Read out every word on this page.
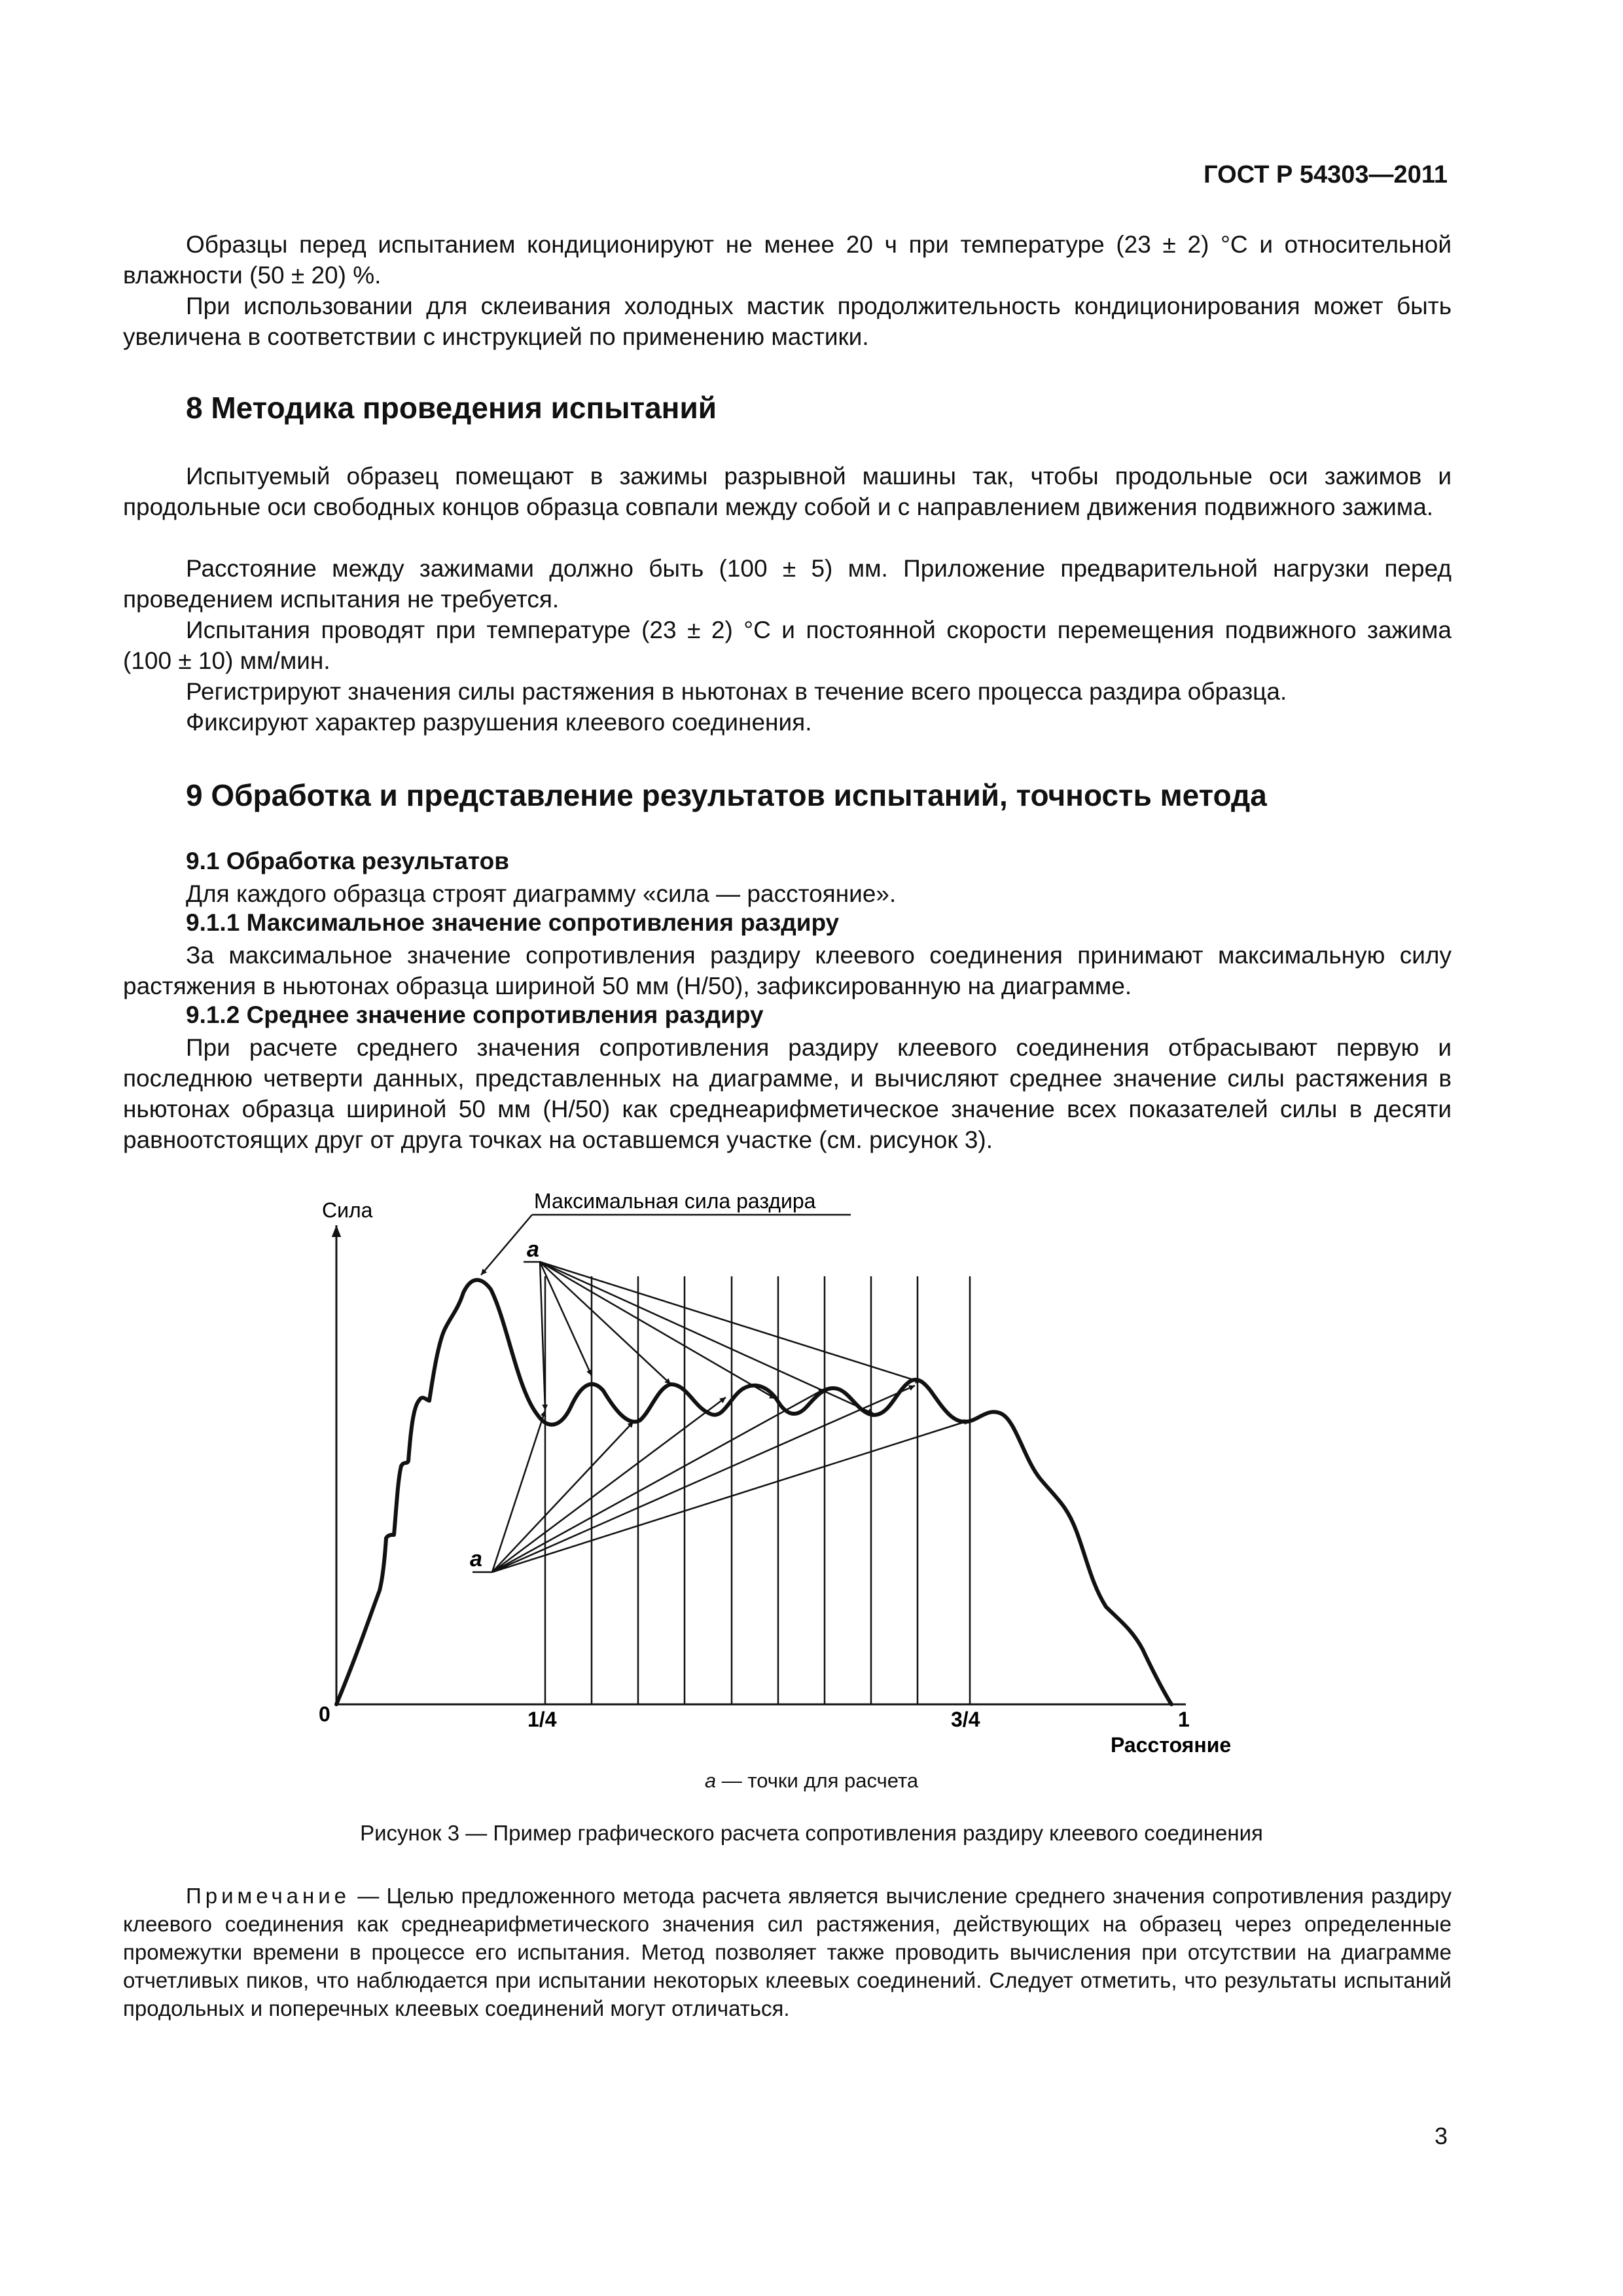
ГОСТ Р 54303—2011

Образцы перед испытанием кондиционируют не менее 20 ч при температуре (23 ± 2) °С и относительной влажности (50 ± 20) %.

При использовании для склеивания холодных мастик продолжительность кондиционирования может быть увеличена в соответствии с инструкцией по применению мастики.

8 Методика проведения испытаний

Испытуемый образец помещают в зажимы разрывной машины так, чтобы продольные оси зажимов и продольные оси свободных концов образца совпали между собой и с направлением движения подвижного зажима.

Расстояние между зажимами должно быть (100 ± 5) мм. Приложение предварительной нагрузки перед проведением испытания не требуется.

Испытания проводят при температуре (23 ± 2) °С и постоянной скорости перемещения подвижного зажима (100 ± 10) мм/мин.

Регистрируют значения силы растяжения в ньютонах в течение всего процесса раздира образца.

Фиксируют характер разрушения клеевого соединения.

9 Обработка и представление результатов испытаний, точность метода
9.1 Обработка результатов

Для каждого образца строят диаграмму «сила — расстояние».

9.1.1 Максимальное значение сопротивления раздиру

За максимальное значение сопротивления раздиру клеевого соединения принимают максимальную силу растяжения в ньютонах образца шириной 50 мм (Н/50), зафиксированную на диаграмме.

9.1.2 Среднее значение сопротивления раздиру

При расчете среднего значения сопротивления раздиру клеевого соединения отбрасывают первую и последнюю четверти данных, представленных на диаграмме, и вычисляют среднее значение силы растяжения в ньютонах образца шириной 50 мм (Н/50) как среднеарифметическое значение всех показателей силы в десяти равноотстоящих друг от друга точках на оставшемся участке (см. рисунок 3).

Сила	Максимальная сила раздира
a
a
0	1/4	3/4	1
Расстояние
a — точки для расчета
Рисунок 3 — Пример графического расчета сопротивления раздиру клеевого соединения

Примечание — Целью предложенного метода расчета является вычисление среднего значения сопротивления раздиру клеевого соединения как среднеарифметического значения сил растяжения, действующих на образец через определенные промежутки времени в процессе его испытания. Метод позволяет также проводить вычисления при отсутствии на диаграмме отчетливых пиков, что наблюдается при испытании некоторых клеевых соединений. Следует отметить, что результаты испытаний продольных и поперечных клеевых соединений могут отличаться.

3
